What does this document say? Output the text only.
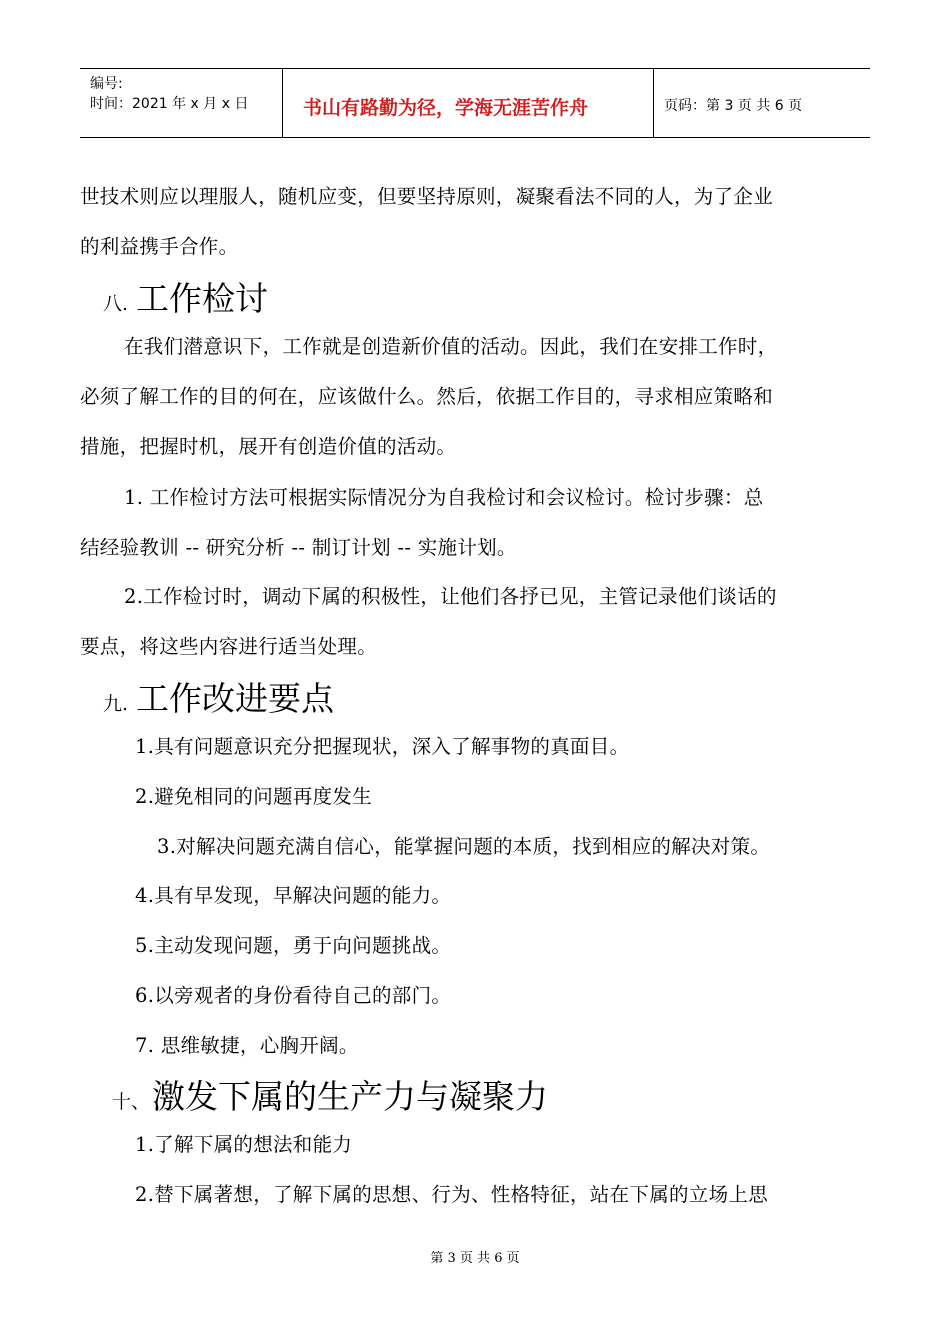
编号:
时间：2021 年 x 月 x 日	书山有路勤为径，学海无涯苦作舟	页码：第 3 页 共 6 页
世技术则应以理服人，随机应变，但要坚持原则，凝聚看法不同的人，为了企业
的利益携手合作。
八. 工作检讨
在我们潜意识下，工作就是创造新价值的活动。因此，我们在安排工作时，
必须了解工作的目的何在，应该做什么。然后，依据工作目的，寻求相应策略和
措施，把握时机，展开有创造价值的活动。
1. 工作检讨方法可根据实际情况分为自我检讨和会议检讨。检讨步骤：总
结经验教训 -- 研究分析 -- 制订计划 -- 实施计划。
2.工作检讨时，调动下属的积极性，让他们各抒已见，主管记录他们谈话的
要点，将这些内容进行适当处理。
九. 工作改进要点
1.具有问题意识充分把握现状，深入了解事物的真面目。
2.避免相同的问题再度发生
3.对解决问题充满自信心，能掌握问题的本质，找到相应的解决对策。
4.具有早发现，早解决问题的能力。
5.主动发现问题，勇于向问题挑战。
6.以旁观者的身份看待自己的部门。
7. 思维敏捷，心胸开阔。
十、激发下属的生产力与凝聚力
1.了解下属的想法和能力
2.替下属著想，了解下属的思想、行为、性格特征，站在下属的立场上思
第 3 页 共 6 页
